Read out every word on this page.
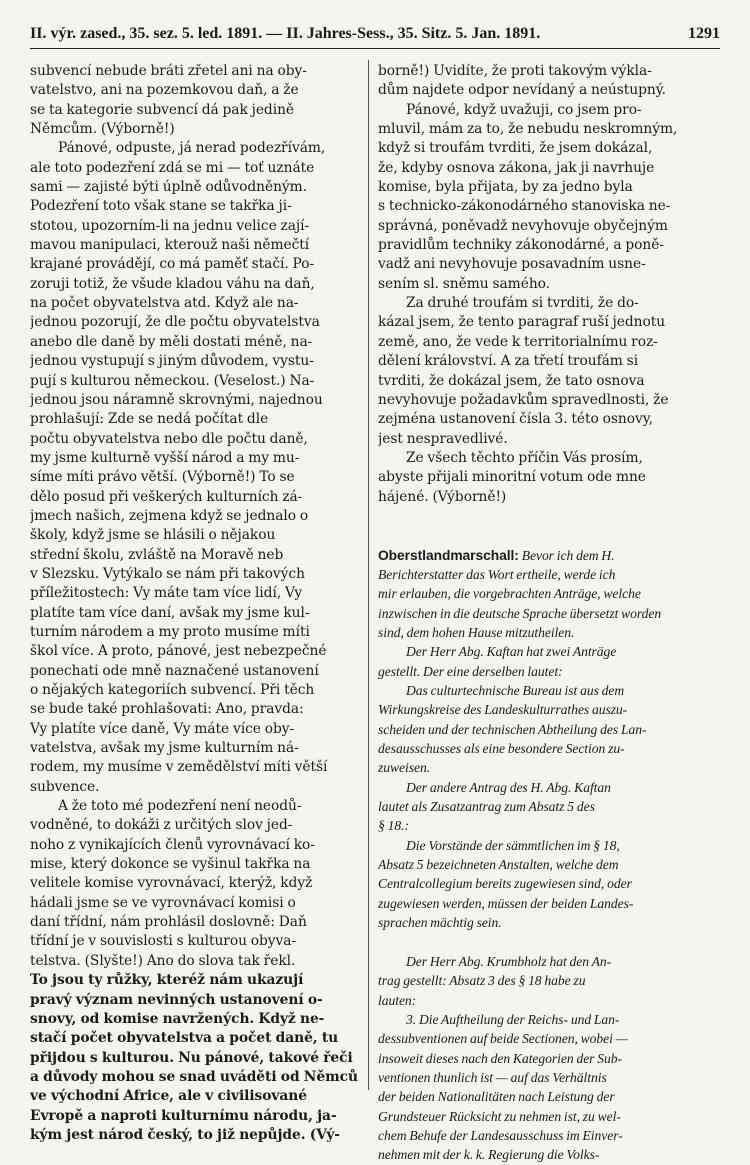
II. výr. zased., 35. sez. 5. led. 1891. — II. Jahres-Sess., 35. Sitz. 5. Jan. 1891.	1291
subvencí nebude bráti zřetel ani na oby-
vatelstvo, ani na pozemkovou daň, a že
se ta kategorie subvencí dá pak jedině
Němcům. (Výborně!)
Pánové, odpuste, já nerad podezřívám,
ale toto podezření zdá se mi — toť uznáte
sami — zajisté býti úplně odůvodněným.
Podezření toto však stane se takřka ji-
stotou, upozorním-li na jednu velice zají-
mavou manipulaci, kterouž naši němečtí
krajané provádějí, co má paměť stačí. Po-
zoruji totiž, že všude kladou váhu na daň,
na počet obyvatelstva atd. Když ale na-
jednou pozorují, že dle počtu obyvatelstva
anebo dle daně by měli dostati méně, na-
jednou vystupují s jiným důvodem, vystu-
pují s kulturou německou. (Veselost.) Na-
jednou jsou náramně skrovnými, najednou
prohlašují: Zde se nedá počítat dle
počtu obyvatelstva nebo dle počtu daně,
my jsme kulturně vyšší národ a my mu-
síme míti právo větší. (Výborně!) To se
dělo posud při veškerých kulturních zá-
jmech našich, zejmena když se jednalo o
školy, když jsme se hlásili o nějakou
střední školu, zvláště na Moravě neb
v Slezsku. Vytýkalo se nám při takových
příležitostech: Vy máte tam více lidí, Vy
platíte tam více daní, avšak my jsme kul-
turním národem a my proto musíme míti
škol více. A proto, pánové, jest nebezpečné
ponechati ode mně naznačené ustanovení
o nějakých kategoriích subvencí. Při těch
se bude také prohlašovati: Ano, pravda:
Vy platíte více daně, Vy máte více oby-
vatelstva, avšak my jsme kulturním ná-
rodem, my musíme v zemědělství míti větší
subvence.
A že toto mé podezření není neodů-
vodněné, to dokáži z určitých slov jed-
noho z vynikajících členů vyrovnávací ko-
mise, který dokonce se vyšinul takřka na
velitele komise vyrovnávací, kterýž, když
hádali jsme se ve vyrovnávací komisi o
daní třídní, nám prohlásil doslovně: Daň
třídní je v souvislosti s kulturou obyva-
telstva. (Slyšte!) Ano do slova tak řekl.
To jsou ty růžky, kteréž nám ukazují
pravý význam nevinných ustanovení o-
snovy, od komise navržených. Když ne-
stačí počet obyvatelstva a počet daně, tu
přijdou s kulturou. Nu pánové, takové řeči
a důvody mohou se snad uváděti od Němců
ve východní Africe, ale v civilisované
Evropě a naproti kulturnímu národu, ja-
kým jest národ český, to již nepůjde. (Vý-
borně!) Uvidíte, že proti takovým výkla-
dům najdete odpor nevídaný a neústupný.
Pánové, když uvažuji, co jsem pro-
mluvil, mám za to, že nebudu neskromným,
když si troufám tvrditi, že jsem dokázal,
že, kdyby osnova zákona, jak ji navrhuje
komise, byla přijata, by za jedno byla
s technicko-zákonodárného stanoviska ne-
správná, poněvadž nevyhovuje obyčejným
pravidlům techniky zákonodárné, a poně-
vadž ani nevyhovuje posavadním usne-
sením sl. sněmu samého.
Za druhé troufám si tvrditi, že do-
kázal jsem, že tento paragraf ruší jednotu
země, ano, že vede k territorialnímu roz-
dělení království. A za třetí troufám si
tvrditi, že dokázal jsem, že tato osnova
nevyhovuje požadavkům spravedlnosti, že
zejména ustanovení čísla 3. této osnovy,
jest nespravedlivé.
Ze všech těchto příčin Vás prosím,
abyste přijali minoritní votum ode mne
hájené. (Výborně!)
Oberstlandmarschall: Bevor ich dem H.
Berichterstatter das Wort ertheile, werde ich
mir erlauben, die vorgebrachten Anträge, welche
inzwischen in die deutsche Sprache übersetzt worden
sind, dem hohen Hause mitzutheilen.
Der Herr Abg. Kaftan hat zwei Anträge
gestellt. Der eine derselben lautet:
Das culturtechnische Bureau ist aus dem
Wirkungskreise des Landeskulturrathes auszu-
scheiden und der technischen Abtheilung des Lan-
desausschusses als eine besondere Section zu-
zuweisen.
Der andere Antrag des H. Abg. Kaftan
lautet als Zusatzantrag zum Absatz 5 des
§ 18.:
Die Vorstände der sämmtlichen im § 18,
Absatz 5 bezeichneten Anstalten, welche dem
Centralcollegium bereits zugewiesen sind, oder
zugewiesen werden, müssen der beiden Landes-
sprachen mächtig sein.
Der Herr Abg. Krumbholz hat den An-
trag gestellt: Absatz 3 des § 18 habe zu
lauten:
3. Die Auftheilung der Reichs- und Lan-
dessubventionen auf beide Sectionen, wobei —
insoweit dieses nach den Kategorien der Sub-
ventionen thunlich ist — auf das Verhältnis
der beiden Nationalitäten nach Leistung der
Grundsteuer Rücksicht zu nehmen ist, zu wel-
chem Behufe der Landesausschuss im Einver-
nehmen mit der k. k. Regierung die Volks-
